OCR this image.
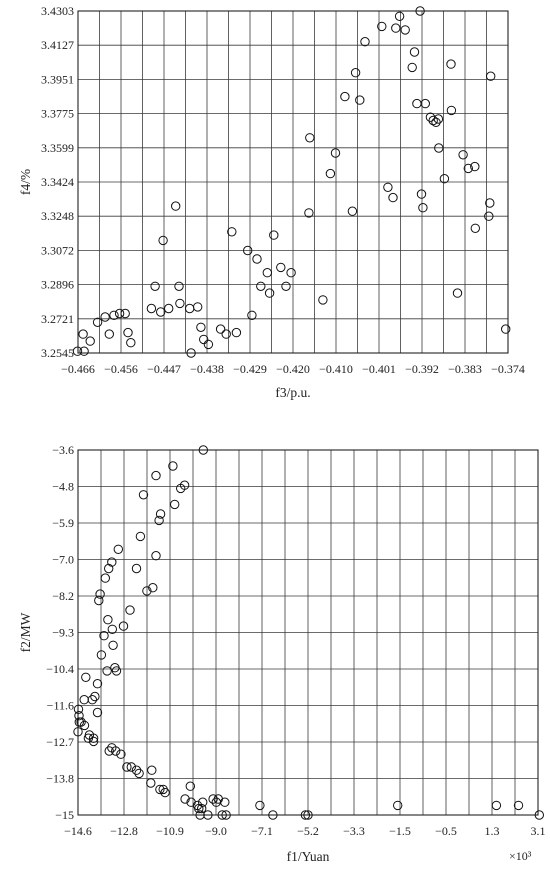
−0.466 −0.456 −0.447 −0.438 −0.429 −0.420 −0.410 −0.401 −0.392 −0.383 −0.374
3.2545
3.2721
3.2896
3.3072
3.3248
3.3424
3.3599
3.3775
3.3951
3.4127
3.4303
f3/p.u.
f4/%
−14.6 −12.8 −10.9 −9.0 −7.1 −5.2 −3.3 −1.5 −0.5 1.3	3.1
−15
−13.8
−12.7
−11.6
−10.4
−9.3
−8.2
−7.0
−5.9
−4.8
−3.6
f1/Yuan
f2/MW
×10³
